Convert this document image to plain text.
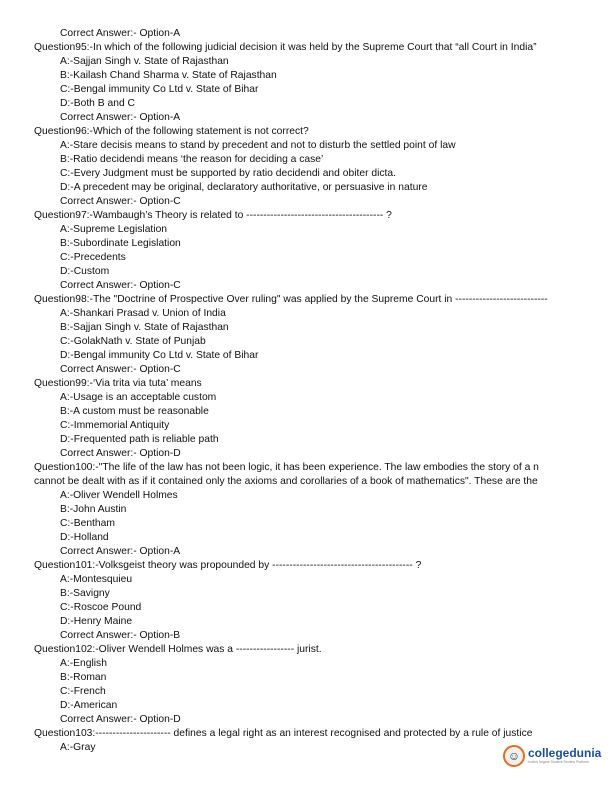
Correct Answer:- Option-A
Question95:-In which of the following judicial decision it was held by the Supreme Court that “all Court in India”
A:-Sajjan Singh v. State of Rajasthan
B:-Kailash Chand Sharma v. State of Rajasthan
C:-Bengal immunity Co Ltd v. State of Bihar
D:-Both B and C
Correct Answer:- Option-A
Question96:-Which of the following statement is not correct?
A:-Stare decisis means to stand by precedent and not to disturb the settled point of law
B:-Ratio decidendi means ‘the reason for deciding a case’
C:-Every Judgment must be supported by ratio decidendi and obiter dicta.
D:-A precedent may be original, declaratory authoritative, or persuasive in nature
Correct Answer:- Option-C
Question97:-Wambaugh’s Theory is related to ---------------------------------------- ?
A:-Supreme Legislation
B:-Subordinate Legislation
C:-Precedents
D:-Custom
Correct Answer:- Option-C
Question98:-The "Doctrine of Prospective Over ruling" was applied by the Supreme Court in ---------------------------
A:-Shankari Prasad v. Union of India
B:-Sajjan Singh v. State of Rajasthan
C:-GolakNath v. State of Punjab
D:-Bengal immunity Co Ltd v. State of Bihar
Correct Answer:- Option-C
Question99:-‘Via trita via tuta’ means
A:-Usage is an acceptable custom
B:-A custom must be reasonable
C:-Immemorial Antiquity
D:-Frequented path is reliable path
Correct Answer:- Option-D
Question100:-"The life of the law has not been logic, it has been experience. The law embodies the story of a n
cannot be dealt with as if it contained only the axioms and corollaries of a book of mathematics". These are the
A:-Oliver Wendell Holmes
B:-John Austin
C:-Bentham
D:-Holland
Correct Answer:- Option-A
Question101:-Volksgeist theory was propounded by ----------------------------------------- ?
A:-Montesquieu
B:-Savigny
C:-Roscoe Pound
D:-Henry Maine
Correct Answer:- Option-B
Question102:-Oliver Wendell Holmes was a ----------------- jurist.
A:-English
B:-Roman
C:-French
D:-American
Correct Answer:- Option-D
Question103:---------------------- defines a legal right as an interest recognised and protected by a rule of justice
A:-Gray
☺ collegedunia
India's largest Student Review Platform
